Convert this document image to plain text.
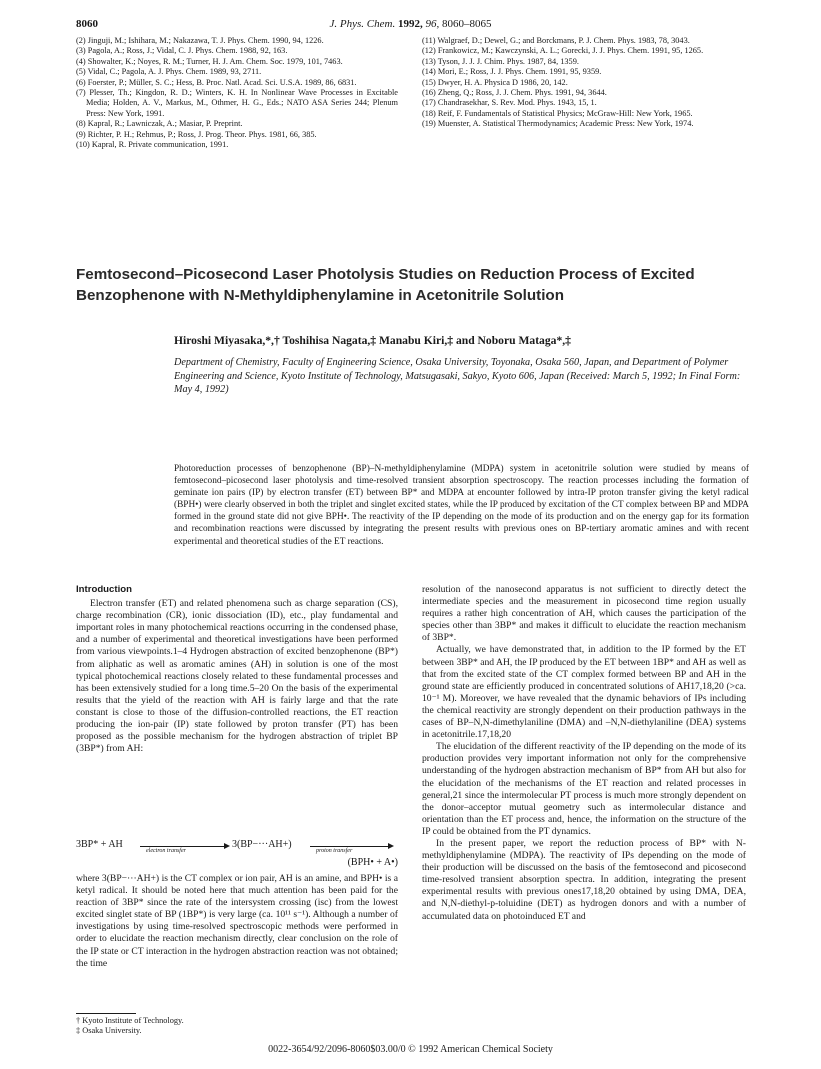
8060	J. Phys. Chem. 1992, 96, 8060–8065
(2) Jinguji, M.; Ishihara, M.; Nakazawa, T. J. Phys. Chem. 1990, 94, 1226.
(3) Pagola, A.; Ross, J.; Vidal, C. J. Phys. Chem. 1988, 92, 163.
(4) Showalter, K.; Noyes, R. M.; Turner, H. J. Am. Chem. Soc. 1979, 101, 7463.
(5) Vidal, C.; Pagola, A. J. Phys. Chem. 1989, 93, 2711.
(6) Foerster, P.; Müller, S. C.; Hess, B. Proc. Natl. Acad. Sci. U.S.A. 1989, 86, 6831.
(7) Plesser, Th.; Kingdon, R. D.; Winters, K. H. In Nonlinear Wave Processes in Excitable Media; Holden, A. V., Markus, M., Othmer, H. G., Eds.; NATO ASA Series 244; Plenum Press: New York, 1991.
(8) Kapral, R.; Lawniczak, A.; Masiar, P. Preprint.
(9) Richter, P. H.; Rehmus, P.; Ross, J. Prog. Theor. Phys. 1981, 66, 385.
(10) Kapral, R. Private communication, 1991.
(11) Walgraef, D.; Dewel, G.; and Borckmans, P. J. Chem. Phys. 1983, 78, 3043.
(12) Frankowicz, M.; Kawczynski, A. L.; Gorecki, J. J. Phys. Chem. 1991, 95, 1265.
(13) Tyson, J. J. J. Chim. Phys. 1987, 84, 1359.
(14) Mori, E.; Ross, J. J. Phys. Chem. 1991, 95, 9359.
(15) Dwyer, H. A. Physica D 1986, 20, 142.
(16) Zheng, Q.; Ross, J. J. Chem. Phys. 1991, 94, 3644.
(17) Chandrasekhar, S. Rev. Mod. Phys. 1943, 15, 1.
(18) Reif, F. Fundamentals of Statistical Physics; McGraw-Hill: New York, 1965.
(19) Muenster, A. Statistical Thermodynamics; Academic Press: New York, 1974.
Femtosecond–Picosecond Laser Photolysis Studies on Reduction Process of Excited Benzophenone with N-Methyldiphenylamine in Acetonitrile Solution
Hiroshi Miyasaka,*,† Toshihisa Nagata,‡ Manabu Kiri,‡ and Noboru Mataga*,‡
Department of Chemistry, Faculty of Engineering Science, Osaka University, Toyonaka, Osaka 560, Japan, and Department of Polymer Engineering and Science, Kyoto Institute of Technology, Matsugasaki, Sakyo, Kyoto 606, Japan (Received: March 5, 1992; In Final Form: May 4, 1992)
Photoreduction processes of benzophenone (BP)–N-methyldiphenylamine (MDPA) system in acetonitrile solution were studied by means of femtosecond–picosecond laser photolysis and time-resolved transient absorption spectroscopy. The reaction processes including the formation of geminate ion pairs (IP) by electron transfer (ET) between BP* and MDPA at encounter followed by intra-IP proton transfer giving the ketyl radical (BPH•) were clearly observed in both the triplet and singlet excited states, while the IP produced by excitation of the CT complex between BP and MDPA formed in the ground state did not give BPH•. The reactivity of the IP depending on the mode of its production and on the energy gap for its formation and recombination reactions were discussed by integrating the present results with previous ones on BP-tertiary aromatic amines and with recent experimental and theoretical studies of the ET reactions.
Introduction

Electron transfer (ET) and related phenomena such as charge separation (CS), charge recombination (CR), ionic dissociation (ID), etc., play fundamental and important roles in many photochemical reactions occurring in the condensed phase, and a number of experimental and theoretical investigations have been performed from various viewpoints.1–4 Hydrogen abstraction of excited benzophenone (BP*) from aliphatic as well as aromatic amines (AH) in solution is one of the most typical photochemical reactions closely related to these fundamental processes and has been extensively studied for a long time.5–20 On the basis of the experimental results that the yield of the reaction with AH is fairly large and that the rate constant is close to those of the diffusion-controlled reactions, the ET reaction producing the ion-pair (IP) state followed by proton transfer (PT) has been proposed as the possible mechanism for the hydrogen abstraction of triplet BP (3BP*) from AH:

3BP* + AH
electron transfer
3(BP−···AH+)
proton transfer
(BPH• + A•)

where 3(BP−···AH+) is the CT complex or ion pair, AH is an amine, and BPH• is a ketyl radical. It should be noted here that much attention has been paid for the reaction of 3BP* since the rate of the intersystem crossing (isc) from the lowest excited singlet state of BP (1BP*) is very large (ca. 10¹¹ s⁻¹). Although a number of investigations by using time-resolved spectroscopic methods were performed in order to elucidate the reaction mechanism directly, clear conclusion on the role of the IP state or CT interaction in the hydrogen abstraction reaction was not obtained; the time

resolution of the nanosecond apparatus is not sufficient to directly detect the intermediate species and the measurement in picosecond time region usually requires a rather high concentration of AH, which causes the participation of the species other than 3BP* and makes it difficult to elucidate the reaction mechanism of 3BP*.

Actually, we have demonstrated that, in addition to the IP formed by the ET between 3BP* and AH, the IP produced by the ET between 1BP* and AH as well as that from the excited state of the CT complex formed between BP and AH in the ground state are efficiently produced in concentrated solutions of AH17,18,20 (>ca. 10⁻¹ M). Moreover, we have revealed that the dynamic behaviors of IPs including the chemical reactivity are strongly dependent on their production pathways in the cases of BP–N,N-dimethylaniline (DMA) and –N,N-diethylaniline (DEA) systems in acetonitrile.17,18,20

The elucidation of the different reactivity of the IP depending on the mode of its production provides very important information not only for the comprehensive understanding of the hydrogen abstraction mechanism of BP* from AH but also for the elucidation of the mechanisms of the ET reaction and related processes in general,21 since the intermolecular PT process is much more strongly dependent on the donor–acceptor mutual geometry such as intermolecular distance and orientation than the ET process and, hence, the information on the structure of the IP could be obtained from the PT dynamics.

In the present paper, we report the reduction process of BP* with N-methyldiphenylamine (MDPA). The reactivity of IPs depending on the mode of their production will be discussed on the basis of the femtosecond and picosecond time-resolved transient absorption spectra. In addition, integrating the present experimental results with previous ones17,18,20 obtained by using DMA, DEA, and N,N-diethyl-p-toluidine (DET) as hydrogen donors and with a number of accumulated data on photoinduced ET and

† Kyoto Institute of Technology.
‡ Osaka University.
0022-3654/92/2096-8060$03.00/0 © 1992 American Chemical Society
